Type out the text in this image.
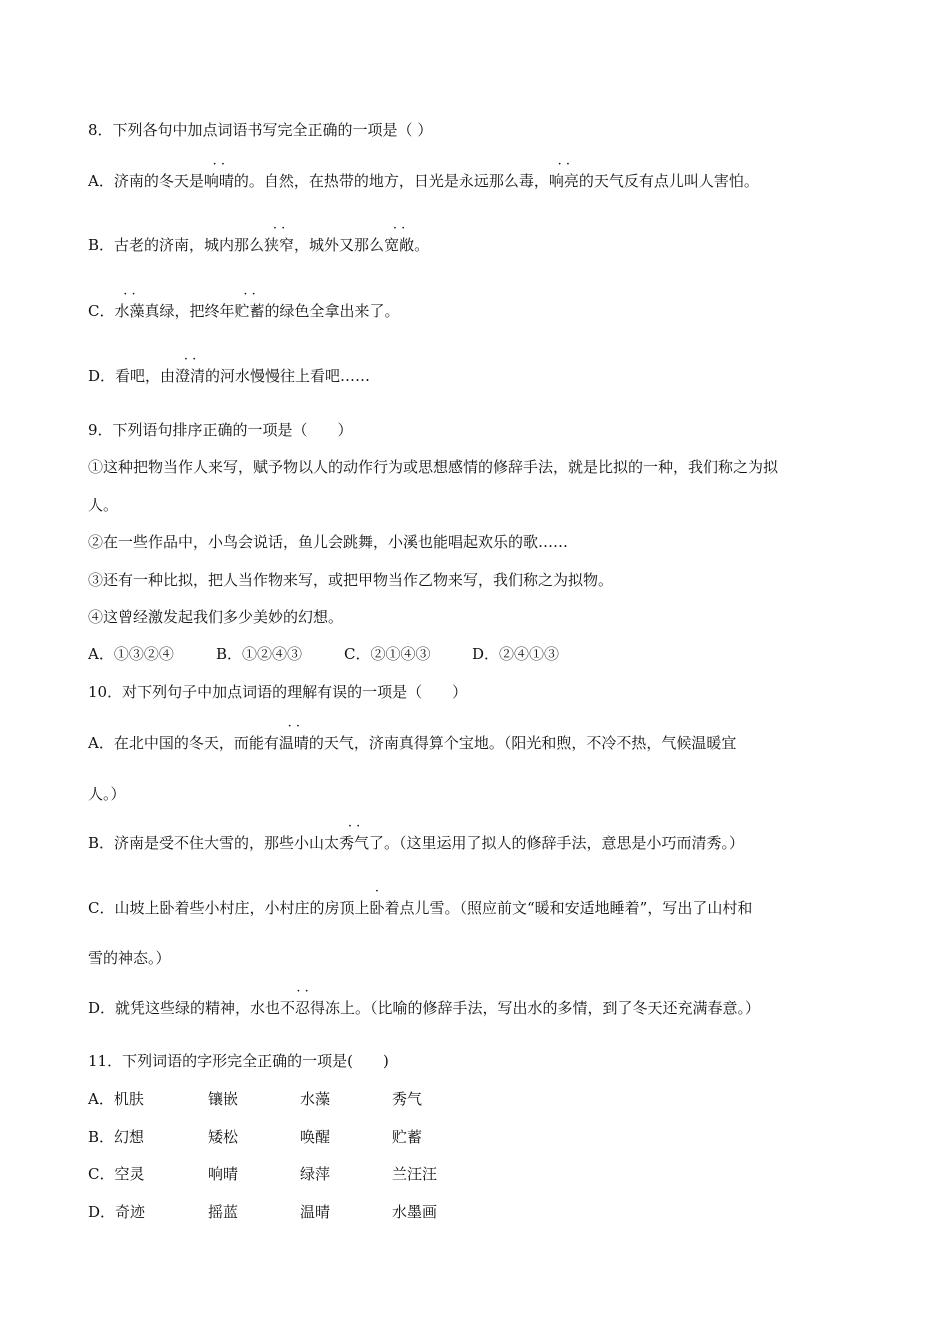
8．下列各句中加点词语书写完全正确的一项是（ ）
A．济南的冬天是· · 响晴的。自然，在热带的地方，日光是永远那么毒，· · 响亮的天气反有点儿叫人害怕。
B．古老的济南，城内那么· · 狭窄，城外又那么· · 宽敞。
C．· · 水藻真绿，把终年· · 贮蓄的绿色全拿出来了。
D．看吧，由· · 澄清的河水慢慢往上看吧……
9．下列语句排序正确的一项是（　　）
①这种把物当作人来写，赋予物以人的动作行为或思想感情的修辞手法，就是比拟的一种，我们称之为拟
人。
②在一些作品中，小鸟会说话，鱼儿会跳舞，小溪也能唱起欢乐的歌……
③还有一种比拟，把人当作物来写，或把甲物当作乙物来写，我们称之为拟物。
④这曾经激发起我们多少美妙的幻想。
A．①③②④	B．①②④③	C．②①④③	D．②④①③
10．对下列句子中加点词语的理解有误的一项是（　　）
A．在北中国的冬天，而能有· · 温晴的天气，济南真得算个宝地。（阳光和煦，不冷不热，气候温暖宜
人。）
B．济南是受不住大雪的，那些小山太· · 秀气了。（这里运用了拟人的修辞手法，意思是小巧而清秀。）
C．山坡上卧着些小村庄，小村庄的房顶上卧着点儿雪。（照应前文“暖和安适地睡着”，写出了山村和
雪的神态。）
D．就凭这些绿的精神，水也· · 不忍得冻上。（比喻的修辞手法，写出水的多情，到了冬天还充满春意。）
11．下列词语的字形完全正确的一项是(　　)
A．机肤	镶嵌	水藻	秀气
B．幻想	矮松	唤醒	贮蓄
C．空灵	响晴	绿萍	兰汪汪
D．奇迹	摇蓝	温晴	水墨画
